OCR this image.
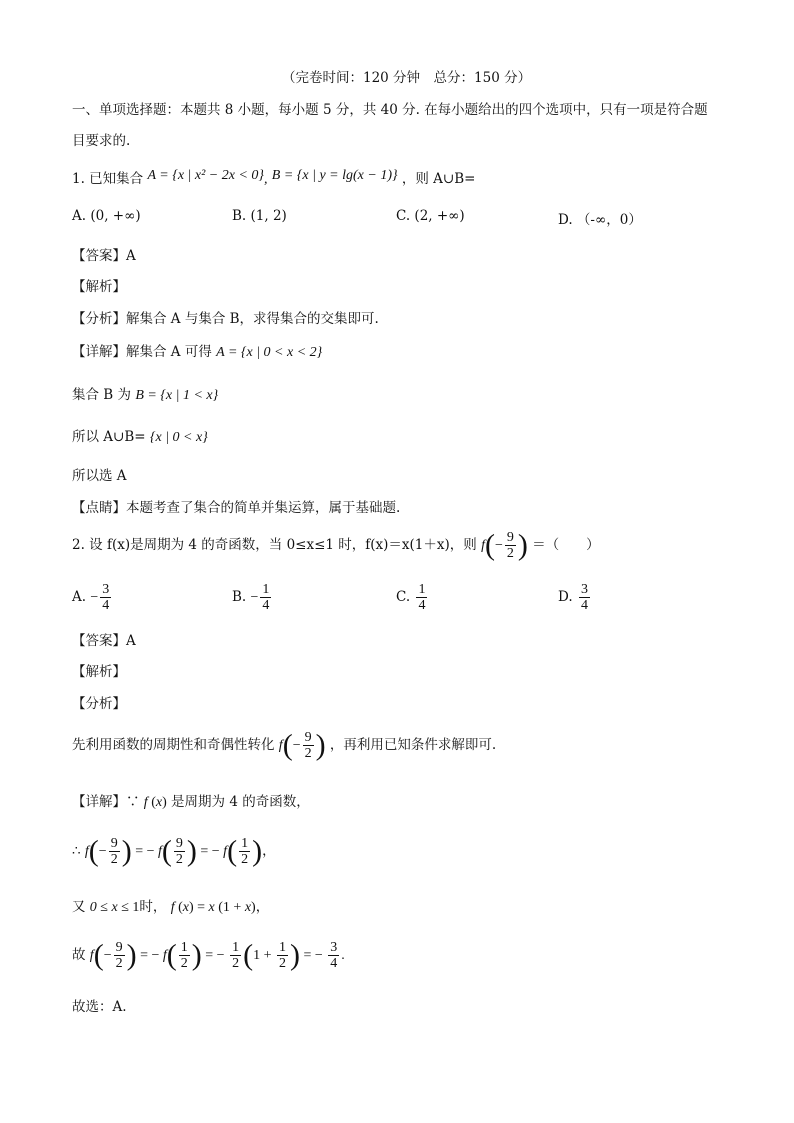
（完卷时间：120 分钟　总分：150 分）
一、单项选择题：本题共 8 小题，每小题 5 分，共 40 分. 在每小题给出的四个选项中，只有一项是符合题
目要求的.
1. 已知集合 A = {x | x² − 2x < 0}, B = {x | y = lg(x − 1)} ，则 A∪B=
A. (0, +∞)	B. (1, 2)	C. (2, +∞)	D. （-∞，0）
【答案】A
【解析】
【分析】解集合 A 与集合 B，求得集合的交集即可.
【详解】解集合 A 可得 A = {x | 0 < x < 2}
集合 B 为 B = {x | 1 < x}
所以 A∪B= {x | 0 < x}
所以选 A
【点睛】本题考查了集合的简单并集运算，属于基础题.
2. 设 f(x)是周期为 4 的奇函数，当 0≤x≤1 时，f(x)＝x(1＋x)，则 $f(- \frac{9}{2}$ ) ＝（　　）
A. − $\frac{3}{4}$	B. − $\frac{1}{4}$	C. $\frac{1}{4}$	D. $\frac{3}{4}$
【答案】A
【解析】
【分析】
先利用函数的周期性和奇偶性转化 $f(- \frac{9}{2}$ ) ，再利用已知条件求解即可.
【详解】∵ f (x) 是周期为 4 的奇函数，
∴ $f(- \frac{9}{2}$ ) = − $f( \frac{9}{2}$ ) = − $f( \frac{1}{2}$ )，
又 0 ≤ x ≤ 1时， f (x) = x (1 + x)，
故 $f(- \frac{9}{2}$ ) = − $f( \frac{1}{2}$ ) = − $\frac{1}{2} (1 + \frac{1}{2}$ ) = − $\frac{3}{4}$ .
故选：A.
